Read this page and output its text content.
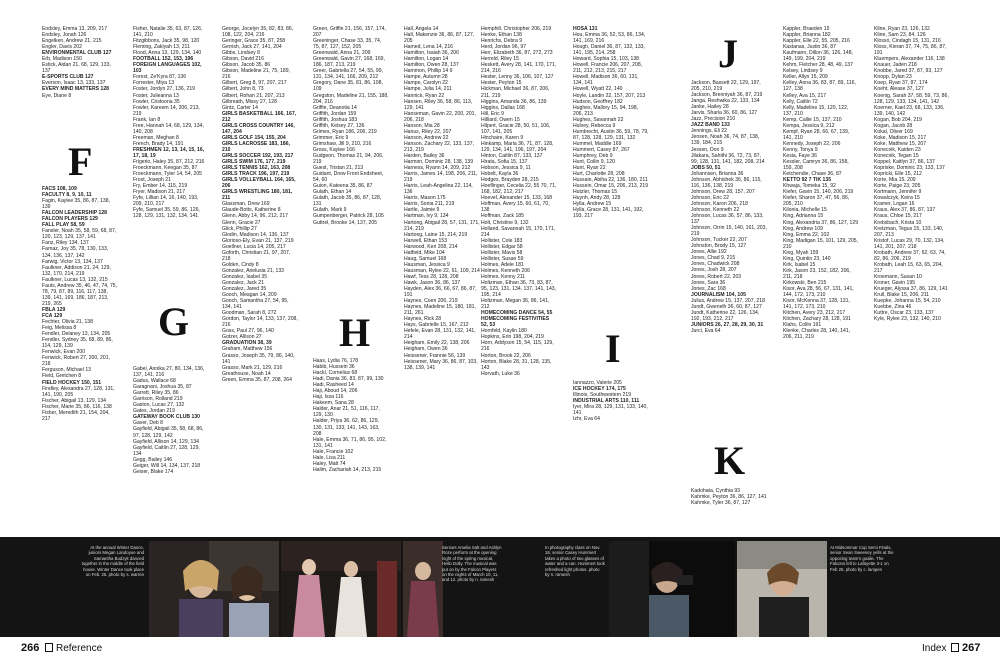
Endsley, Emma 13, 209, 217

Endsley, Jonah 126

Engelken, Andrew 21, 215

Engler, Davis 202

ENVIRONMENTAL CLUB 127

Erb, Madison 150

Estick, Aidan 21, 68, 129, 133, 137

E-SPORTS CLUB 127

Everson, Isaac 13, 133, 137

EVERY MIND MATTERS 128

Eye, Diane 8

F

FACS 108, 109

FACULTY 8, 9, 10, 11

Fagin, Kaylee 35, 86, 87, 138, 139

FALCON LEADERSHIP 128

FALCON PLAYERS 129

FALL PLAY 58, 59

Fansler, Noah 35, 58, 59, 68, 87, 120, 123, 129, 137, 141

Fanz, Riley 134, 137

Farnaz, Joy 35, 78, 130, 133, 134, 136, 137, 142

Farwig, Victor 13, 134, 137

Faulkner, Addison 21, 24, 129, 132, 170, 214, 219

Faulkner, Lucas 13, 132, 215

Fauts, Andrew 35, 46, 47, 74, 75, 78, 79, 87, 89, 116, 117, 138, 139, 141, 169, 186, 187, 213, 219, 265

FBLA 129

FCA 129

Fechter, Olivia 21, 138

Feig, Melissa 8

Fendler, Delaney 13, 134, 205

Fendler, Sydney 35, 68, 89, 86, 114, 129, 139

Fenwick, Evan 200

Fenwick, Robert 27, 200, 201, 218

Ferguson, Michael 13

Field, Gretchen 8

FIELD HOCKEY 150, 151

Findley, Alexandra 27, 128, 131, 141, 190, 205

Fischer, Abigail 13, 129, 134

Fischer, Marie 35, 86, 116, 138

Fisher, Meredith 21, 154, 204, 217

Fisher, Natalie 35, 63, 87, 126, 141, 210

Fitzgibbons, Jack 35, 98, 120

Fleming, Zakiyah 13, 211

Flood, Anna 13, 129, 134, 140

FOOTBALL 152, 153, 196

FOREIGN LANGUAGES 102, 103

Forest, Ze'Kyra 87, 136

Forrester, Miya 13

Foster, Jordyn 27, 136, 219

Foster, Julieanna 13

Fowler, Cristoona 35

Fowler, Kareem 14, 206, 213, 219

Frank, Ian 8

Free, Hannah 14, 68, 129, 134, 140, 208

Freeman, Meghan 8

French, Brady 14, 191

FRESHMEN 12, 13, 14, 15, 16, 17, 18, 19

Frigerio, Haley 35, 87, 212, 216

Froeckmann, Keegan 35, 87

Froeckmann, Tyler 14, 54, 205

Frost, Joseph 21

Fry, Ember 14, 115, 219

Fryer, Madison 21, 217

Fyfe, Lillian 14, 16, 140, 193, 209, 210, 217

Fyfe, Samuel 35, 59, 86, 126, 128, 129, 131, 132, 134, 141

G

Gabel, Annika 27, 80, 134, 136, 137, 141, 216

Gadus, Wallace 68

Garagnani, Joshua 35, 87

Garrett, Riley 35, 86

Garrison, Rolland 219

Gaston, Lucas 27, 132

Gates, Jordan 219

GATEWAY BOOK CLUB 130

Gaver, Deb 8

Gayfield, Abigail 35, 58, 68, 86, 97, 128, 129, 142

Gayfield, Allison 14, 129, 134

Gayfield, Caitlin 27, 128, 129, 134

Gegg, Bailey 146

Geiger, Will 14, 134, 137, 218

Geiser, Blake 174

George, Jocelyn 35, 82, 83, 86, 108, 122, 204, 216

Geringer, Grace 35, 87, 258

Gerrish, Jack 27, 141, 204

Gibbs, Lindsey 8

Gibson, David 216

Gibson, Jacob 35, 86

Gibson, Madeline 21, 75, 189, 216

Gilbert, Greg 8, 97, 207, 217

Gilbert, John 8, 73

Gilbert, Rohan 21, 207, 213

Gilbreath, Missy 27, 128

Gintz, Carter 14

GIRLS BASKETBALL 166, 167, 212

GIRLS CROSS COUNTRY 146, 147, 204

GIRLS GOLF 154, 155, 204

GIRLS LACROSSE 183, 186, 210

GIRLS SOCCER 192, 193, 217

GIRLS SWIM 176, 177, 219

GIRLS TENNIS 162, 163, 208

GIRLS TRACK 196, 197, 219

GIRLS VOLLEYBALL 164, 165, 206

GIRLS WRESTLING 180, 181, 211

Glassman, Drew 169

Glaude-Botts, Katherine 8

Glenn, Abby 14, 96, 212, 217

Glenn, Gracie 27

Glick, Phillip 27

Glodin, Madison 14, 136, 137

Glorioso-Ely, Evan 21, 137, 219

Goellner, Lucia 14, 205, 217

Goforth, Christian 21, 97, 207, 218

Golden, Cindy 8

Gonzalez, Anelusia 21, 133

Gonzalez, Isabel 35

Gonzalez, Jack 21

Gonzalez, Jared 35

Gooch, Meagan 14, 209

Gooch, Samantha 27, 54, 95, 134, 141

Goodman, Sarah 8, 272

Gordon, Taylor 14, 133, 137, 208, 216

Goss, Paul 27, 96, 140

Gotzer, Allison 27

GRADUATION 38, 39

Graham, Matthew 156

Grasso, Joseph 35, 79, 86, 140, 141

Grasso, Mark 21, 129, 216

Greathouse, Noah 14

Green, Emma 35, 87, 208, 264

Green, Griffin 21, 156, 157, 174, 207

Greeninger, Chase 33, 35, 74, 75, 87, 127, 152, 205

Greenwald, Anna 21, 209

Greenwald, Gavin 27, 168, 169, 186, 187, 213, 219

Greer, Gabriella 27, 54, 55, 99, 131, 134, 141, 166, 209, 212

Gregory, Dane 35, 81, 86, 108, 109

Gregston, Madeline 21, 155, 188, 204, 216

Griffie, Deanotia 14

Griffith, Jordan 159

Griffith, Joshua 183

Griffith, Kelsey 27, 136

Grimes, Ryan 186, 206, 219

Grimmer, Eric 9

Grimshaw, Jill 9, 210, 216

Gross, Kaylee 166

Gudgeon, Thomas 21, 94, 206, 219

Guest, Tristan 21, 213

Guidant, Drew Front Endsheet, 54, 60

Guion, Kateena 35, 86, 87

Gulath, Ethan 14

Gulath, Jacob 35, 86, 87, 128, 131

Gulath, Mark 9

Gumpenberger, Patrick 28, 105

Guttrel, Brooke 14, 137, 205

H

Haas, Lydia 76, 178

Habib, Hussein 36

Hackl, Cornelius 68

Hadi, Dania 36, 83, 87, 99, 130

Hadi, Rasheed 14

Haji, Aboud 14, 206

Haji, Issa 116

Hakeem, Sana 28

Halder, Anar 21, 51, 116, 117, 129, 130

Halder, Priya 36, 62, 86, 129, 130, 131, 133, 141, 143, 163, 208

Hale, Emma 36, 71, 86, 95, 102, 131, 141

Hale, Francie 102

Hale, Lisa 211

Haley, Matt 74

Halim, Zachariah 14, 213, 215

Hall, Angela 14

Hall, Makenzie 36, 86, 87, 127, 205

Hamed, Lena 14, 216

Hamilton, Isaiah 36, 206

Hamilton, Logan 14

Hamilton, Owen 28, 137

Hammon, Phillip 14 9

Hampe, Autumn 28

Hampe, Carolyn 22

Hampe, Julia 14, 211

Hannick, Ryan 22

Hansen, Riley 36, 58, 86, 113, 129, 141

Hanseman, Gavin 22, 200, 201, 206, 218

Hanson, Mia 28

Hanus, Riley 22, 207

Hanson, Andrew 22

Hanson, Zachary 22, 133, 137, 213, 219

Harden, Bailey 36

Harmon, Dominic 28, 138, 139

Harness, Ryann 14, 209, 212

Harris, James 14, 198, 206, 211, 219

Harris, Leah-Angelina 22, 114, 136

Harris, Mason 175

Harris, Sonia 211, 219

Hartle, Jaimie 9

Hartman, Ivy 9, 134

Hartong, Abigail 28, 57, 131, 171, 214, 219

Hartong, Laine 15, 214, 219

Harwell, Ethan 153

Harwood, Keri 208, 214

Hatfield, Mike 104

Haug, Samuel 168

Hausman, Jessica 9

Hausman, Rylee 22, 61, 109, 214

Hawf, Tess 28, 128, 208

Hawk, Jason 36, 86, 137

Hayden, Alex 36, 66, 67, 86, 87, 191

Haynes, Coen 206, 219

Haynes, Madeline 15, 180, 181, 211, 261

Haynes, Rick 28

Hays, Gabrielle 15, 167, 212

Hefele, Evan 28, 131, 132, 141, 214

Heigham, Emily 22, 138, 206

Heigham, Owen 36

Heissener, Frannie 56, 139

Heissener, Mary 36, 86, 87, 103, 138, 139, 141

Hemphill, Christopher 206, 219

Henke, Ethan 138

Henrichs, Debra 9

Herd, Jordan 96, 97

Herr, Elizabeth 36, 87, 272, 273

Herreld, Riley 15

Heskett, Avery 28, 141, 170, 171, 214, 216

Hester, Lenny 36, 106, 107, 127

Hester, Peyton 15

Hickman, Michael 36, 87, 206, 211, 219

Higgins, Amanda 36, 86, 139

Higgins, Dallas 168

Hill, Eric 9

Hilliard, Owen 15

Hilpert, Gracie 28, 50, 51, 106, 107, 141, 205

Hinchaire, Karen 9

Hinkamp, Maria 36, 71, 87, 128, 129, 134, 141, 196, 197, 204

Hinton, Caitlin 87, 133, 137

Hirata, Sofia 15, 137

Hobson, Jessica 9, 11

Hobelt, Kayla 36

Hodges, Brayden 28, 215

Hoeflinger, Cecelia 22, 55 70, 71, 168, 182, 212, 217

Hoevel, Alexander 15, 133, 168

Hoffman, Avery 15, 60, 61, 70, 138

Hoffman, Zack 185

Holt, Christine 9, 132

Holland, Savannah 15, 170, 171, 214

Hollister, Cole 183

Hollister, Edgar 58

Hollister, Mavis 58

Hollister, Susan 59

Holmes, Adele 181

Holmes, Kenneth 206

Holmes, Kenny 211

Holtzman, Ethan 36, 73, 83, 87, 95, 123, 131, 134, 137, 141, 143, 195, 214

Holtzman, Megan 36, 86, 141, 212

HOMECOMING DANCE 54, 55

HOMECOMING FESTIVITIES 52, 53

Hornfeld, Kaylin 180

Hopkins, Erin 198, 204, 219

Horn, Addyson 15, 54, 115, 129, 216

Horton, Brook 22, 206

Horton, Blake 28, 31, 128, 135, 143

Horvath, Luke 36

HOSA 131

Hou, Emma 36, 52, 53, 86, 134, 141, 169, 216

Hough, Daniel 36, 87, 132, 133, 141, 195, 214, 258

Howard, Sophia 15, 103, 138

Howell, Francie 206, 207, 208, 211, 212, 213, 215, 217

Howell, Madison 36, 60, 131, 134, 141

Howell, Wyatt 22, 140

Hoyle, Landin 22, 157, 207, 213

Hudson, Geoffrey 182

Hughes, Mallory 15, 94, 198, 206, 213

Hughes, Savannah 22

Hulvey, Rebecca 9

Humbrecht, Austin 36, 59, 78, 79, 87, 128, 128, 129, 131, 132

Hummel, Maddie 169

Hummert, Casey 87, 267

Humphrey, Deb 9

Hunt, Collin 9, 120

Hunt, Ryan 22

Hurt, Charlotte 28, 208

Hussain, Abiha 22, 136, 180, 211

Hussein, Omar 15, 206, 213, 219

Hutzler, Thomas 15

Huynh, Andy 28, 128

Hylla, Andrew 15

Hylla, Grace 28, 131, 141, 192, 193, 217

I

Iannazzo, Valerie 205

ICE HOCKEY 174, 175

Illinois, Southwestern 219

INDUSTRIAL ARTS 110, 111

Iyer, Mira 28, 129, 131, 133, 140, 141

Izhr, Eva 64

J

Jackson, Bassett 22, 129, 197, 205, 210, 219

Jackson, Brenniyah 36, 87, 219

Janga, Reshwika 22, 133, 134

Janke, Hailey 28

Jarvis, Sharla 36, 60, 86, 127

Jazz, Precision 210

JAZZ BAND 133

Jennings, Eli 22

Jensen, Noah 36, 74, 87, 138, 139, 184, 215

Jessen, Don 9

Jilakara, Sahithi 36, 72, 73, 87, 99, 128, 131, 141, 182, 208, 214

JOBS 50, 51

Johannsen, Brianna 36

Johnson, Abhishek 36, 86, 115, 116, 136, 138, 219

Johnson, Drew 28, 157, 207

Johnson, Eric 22

Johnson, Karon 206, 218

Johnson, Kenneth 22

Johnson, Lucas 36, 57, 86, 133, 137

Johnson, Orrin 15, 140, 161, 203, 219

Johnson, Tucker 22, 207

Johnston, Brody 15, 127

Jones, Allie 192

Jones, Chad 9, 215

Jones, Chadwick 208

Jones, Josh 28, 207

Jones, Robert 22, 203

Jones, Sara 36

Jones, Zac 168

JOURNALISM 104, 105

Julius, Andrew 15, 137, 207, 218

Jundt, Gwenelh 36, 60, 87, 127

Jundt, Katherine 22, 126, 134, 192, 193, 212, 217

JUNIORS 26, 27, 28, 29, 30, 31

Jurci, Eva 64

K

Kadohata, Cynthia 93

Kahmke, Peyton 36, 86, 127, 141

Kahmke, Tyler 36, 87, 127

Kappler, Braeden 15

Kappler, Brianna 182

Kappler, Elle 22, 55, 205, 216

Kastanas, Justin 36, 87

Kaufmann, Dillon 36, 126, 148, 149, 199, 204, 219

Kehm, Fletcher 28, 48, 49, 137

Kelsey, Lindsey 9

Keller, Allyn 15, 209

Kelley, Anna 36, 83, 87, 89, 116, 127, 138

Kelley, Ava 15, 217

Kelly, Caitlin 72

Kelly, Madeline 15, 120, 122, 137, 210

Kemp, Callie 15, 137, 210

Kempa, Jessica 9, 212

Kempf, Ryan 28, 66, 67, 139, 141, 210

Kennedy, Joseph 22, 206

Kenny, Tonya 9

Kesia, Faye 36

Kessler, Camryn 36, 86, 158, 159, 208

Ketchendie, Chase 36, 87

KETTO 92 7 TIK 135

Khwaja, Tomeka 15, 92

Kiefer, Gavin 15, 140, 206, 219

Kiefer, Sharon 37, 47, 56, 86, 205, 210

Kilonia, Michelle 15

King, Adrianna 15

King, Alexandria 37, 86, 127, 129

King, Andrew 109

King, Emma 22, 102

King, Madigan 15, 101, 129, 205, 210

King, Myah 159

King, Quintin 23, 140

Kirk, Isabel 15

Kirk, Jason 23, 152, 182, 206, 211, 218

Kirkowski, Ben 215

Kisor, Ava 28, 56, 67, 131, 141, 144, 172, 173, 210

Kisor, McKenna 37, 128, 131, 141, 172, 173, 210

Kitchen, Avery 23, 212, 217

Kitchen, Zachary 28, 128, 191

Klahs, Collin 191

Klenke, Charles 28, 140, 141, 206, 211, 219

Kline, Ryan 23, 126, 132

Kline, Sam 23, 84, 126

Klosso, Cindagh 15, 131, 216

Kloss, Kieran 37, 74, 75, 86, 87, 191

Kluempers, Alexander 116, 138

Knauer, Jaden 218

Knobbe, Jared 37, 87, 93, 127

Knopp, Dylan 23

Koep, Ryan 37, 87, 174

Koeht, Alease 37, 127

Koenig, Sarah 37, 58, 59, 73, 86, 128, 129, 133, 134, 141, 142

Koerner, Kael 23, 68, 133, 136, 139, 140, 142

Kogan, Bob 204, 219

Kogan, Jacob 28

Kokal, Oliver 169

Koke, Madison 15, 217

Koke, Matthew 15, 207

Konecnik, Kaiden 23

Konecnik, Tegan 15

Koppel, Kaitlyn 37, 86, 137

Kopriske, Dominic 23, 133, 137

Kopricki, Elle 15, 212

Korte, Mia 15, 209

Korte, Paige 23, 205

Kortmann, Jennifer 9

Kowalczyk, Keira 15

Kramer, Logan 16

Kraus, Alex 37, 86, 87, 137

Kraus, Chloe 15, 217

Krebsbach, Krista 10

Kretzman, Tegus 15, 133, 140, 207, 213

Kristof, Lucas 29, 70, 132, 134, 141, 201, 207, 218

Krobath, Andrew 37, 62, 63, 74, 82, 86, 206, 219

Krobath, Leah 15, 63, 65, 204, 217

Kroemann, Susan 10

Kroner, Gavin 195

Krueger, Alyssa 37, 86, 129, 141

Krull, Blake 15, 206, 211

Kuepke, Johanna 15, 54, 210

Kuebbe, Zina 46

Kuttre, Oscar 23, 133, 137

Kyle, Rylee 23, 132, 140, 210

At the annual Winter Dance, juniors Megan Landoyue and Samantha Budzyk danced together in the middle of the field house. Winter Dance took place on Feb. 25. photo by s. warren
Seniors Amelia Salt and Ashlyn Roze perform at the opening night of the spring musical, Hello Dolly. The musical was put on by the Falcon Players on the nights of March 10, 11, and 12. photo by n. ramesh
In photography class on Nov. 18, senior Casey Hummert takes a photo of two glasses of water and a can. Hummert took refreshed light photos. photo by n. ramesh
At Midsommar Cup Semi Finals, senior Sean Sweeney yells at the opposing team's goalie. The Falcons fell to Lafayette 3-1 on Feb 25. photo by c. lampen
266 Reference	Index 267
